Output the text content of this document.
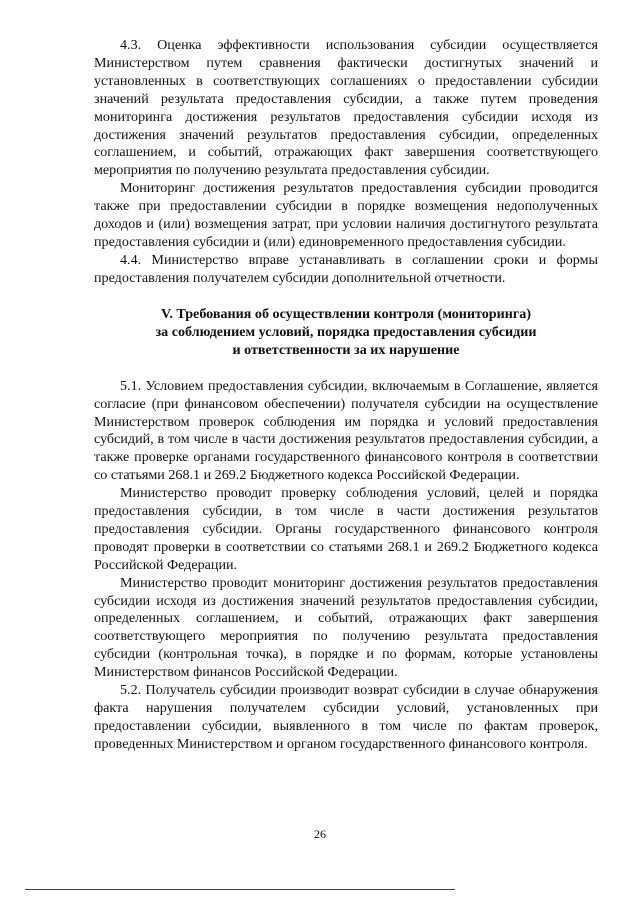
4.3. Оценка эффективности использования субсидии осуществляется Министерством путем сравнения фактически достигнутых значений и установленных в соответствующих соглашениях о предоставлении субсидии значений результата предоставления субсидии, а также путем проведения мониторинга достижения результатов предоставления субсидии исходя из достижения значений результатов предоставления субсидии, определенных соглашением, и событий, отражающих факт завершения соответствующего мероприятия по получению результата предоставления субсидии.

Мониторинг достижения результатов предоставления субсидии проводится также при предоставлении субсидии в порядке возмещения недополученных доходов и (или) возмещения затрат, при условии наличия достигнутого результата предоставления субсидии и (или) единовременного предоставления субсидии.

4.4. Министерство вправе устанавливать в соглашении сроки и формы предоставления получателем субсидии дополнительной отчетности.

V. Требования об осуществлении контроля (мониторинга)
за соблюдением условий, порядка предоставления субсидии
и ответственности за их нарушение

5.1. Условием предоставления субсидии, включаемым в Соглашение, является согласие (при финансовом обеспечении) получателя субсидии на осуществление Министерством проверок соблюдения им порядка и условий предоставления субсидий, в том числе в части достижения результатов предоставления субсидии, а также проверке органами государственного финансового контроля в соответствии со статьями 268.1 и 269.2 Бюджетного кодекса Российской Федерации.

Министерство проводит проверку соблюдения условий, целей и порядка предоставления субсидии, в том числе в части достижения результатов предоставления субсидии. Органы государственного финансового контроля проводят проверки в соответствии со статьями 268.1 и 269.2 Бюджетного кодекса Российской Федерации.

Министерство проводит мониторинг достижения результатов предоставления субсидии исходя из достижения значений результатов предоставления субсидии, определенных соглашением, и событий, отражающих факт завершения соответствующего мероприятия по получению результата предоставления субсидии (контрольная точка), в порядке и по формам, которые установлены Министерством финансов Российской Федерации.

5.2. Получатель субсидии производит возврат субсидии в случае обнаружения факта нарушения получателем субсидии условий, установленных при предоставлении субсидии, выявленного в том числе по фактам проверок, проведенных Министерством и органом государственного финансового контроля.

26
